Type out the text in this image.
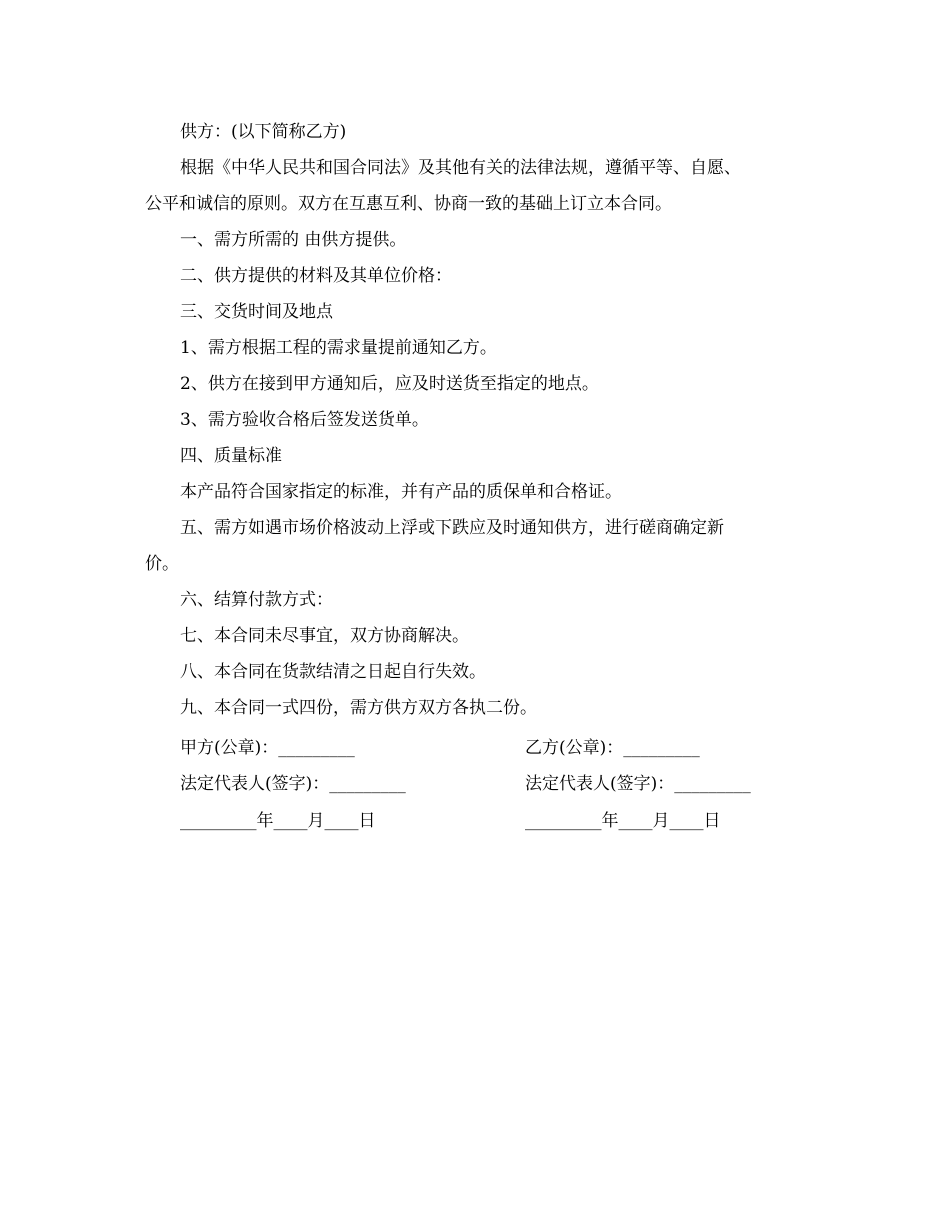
供方：(以下简称乙方)
根据《中华人民共和国合同法》及其他有关的法律法规，遵循平等、自愿、
公平和诚信的原则。双方在互惠互利、协商一致的基础上订立本合同。
一、需方所需的 由供方提供。
二、供方提供的材料及其单位价格：
三、交货时间及地点
1、需方根据工程的需求量提前通知乙方。
2、供方在接到甲方通知后，应及时送货至指定的地点。
3、需方验收合格后签发送货单。
四、质量标准
本产品符合国家指定的标准，并有产品的质保单和合格证。
五、需方如遇市场价格波动上浮或下跌应及时通知供方，进行磋商确定新
价。
六、结算付款方式：
七、本合同未尽事宜，双方协商解决。
八、本合同在货款结清之日起自行失效。
九、本合同一式四份，需方供方双方各执二份。
甲方(公章)：_________	乙方(公章)：_________
法定代表人(签字)：_________	法定代表人(签字)：_________
_________年____月____日	_________年____月____日
